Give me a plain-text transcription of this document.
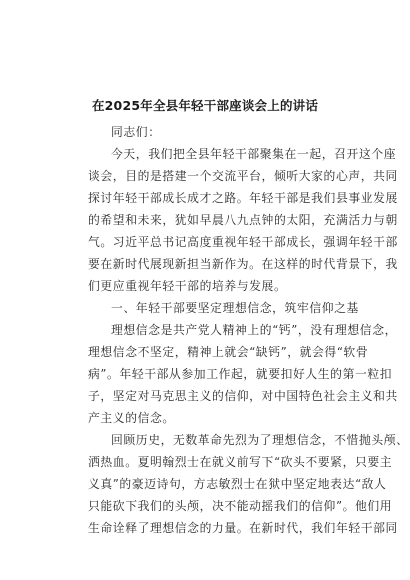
在2025年全县年轻干部座谈会上的讲话
同志们：
今天，我们把全县年轻干部聚集在一起，召开这个座
谈会，目的是搭建一个交流平台，倾听大家的心声，共同
探讨年轻干部成长成才之路。年轻干部是我们县事业发展
的希望和未来，犹如早晨八九点钟的太阳，充满活力与朝
气。习近平总书记高度重视年轻干部成长，强调年轻干部
要在新时代展现新担当新作为。在这样的时代背景下，我
们更应重视年轻干部的培养与发展。
一、年轻干部要坚定理想信念，筑牢信仰之基
理想信念是共产党人精神上的“钙”，没有理想信念，
理想信念不坚定，精神上就会“缺钙”，就会得“软骨
病”。年轻干部从参加工作起，就要扣好人生的第一粒扣
子，坚定对马克思主义的信仰，对中国特色社会主义和共
产主义的信念。
回顾历史，无数革命先烈为了理想信念，不惜抛头颅、
洒热血。夏明翰烈士在就义前写下“砍头不要紧，只要主
义真”的豪迈诗句，方志敏烈士在狱中坚定地表达“敌人
只能砍下我们的头颅，决不能动摇我们的信仰”。他们用
生命诠释了理想信念的力量。在新时代，我们年轻干部同
